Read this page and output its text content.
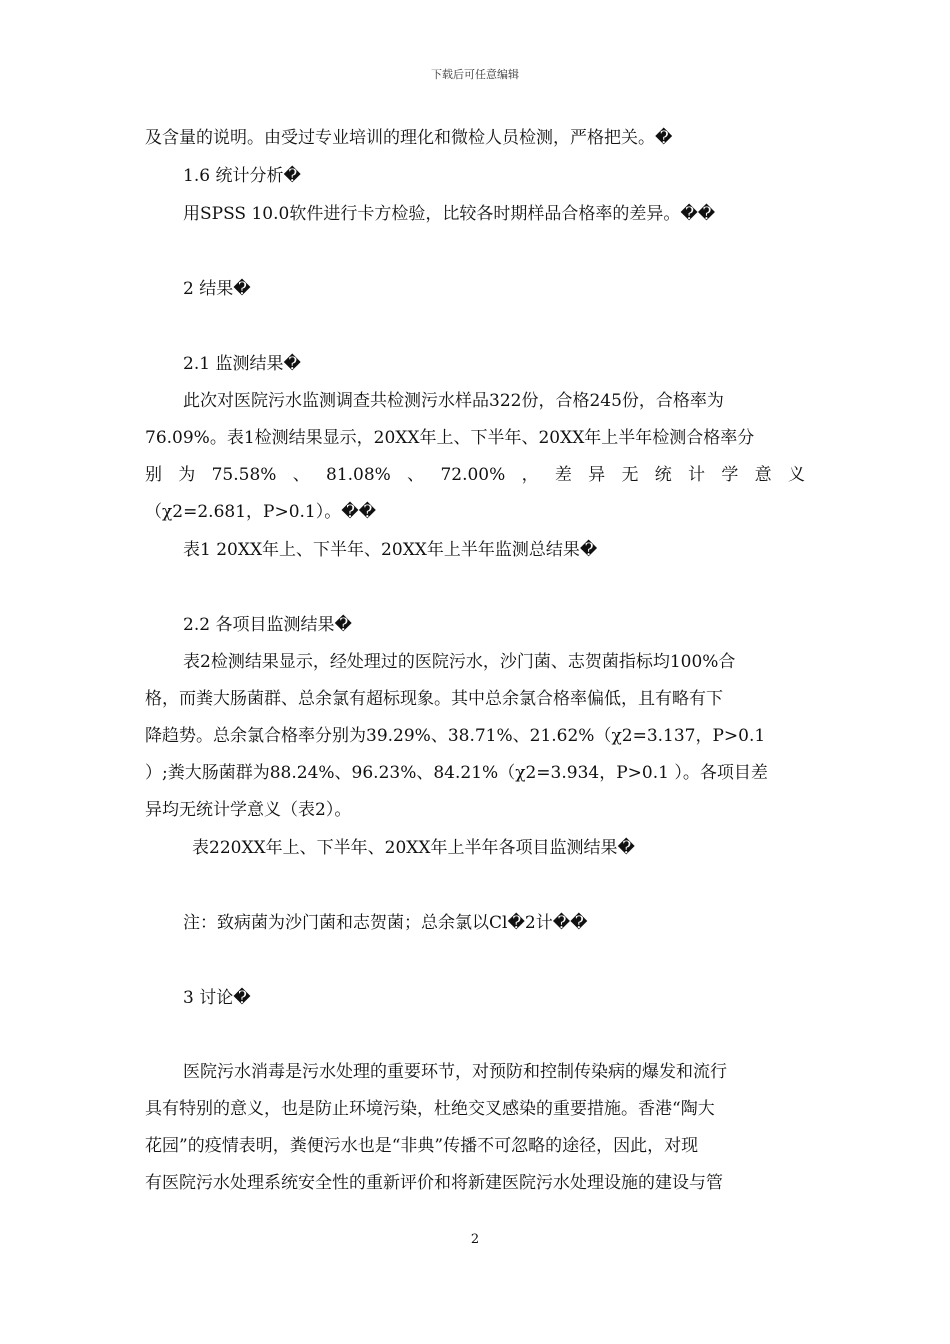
下载后可任意编辑
及含量的说明。由受过专业培训的理化和微检人员检测，严格把关。�
1.6 统计分析�
用SPSS 10.0软件进行卡方检验，比较各时期样品合格率的差异。��
2 结果�
2.1 监测结果�
此次对医院污水监测调查共检测污水样品322份，合格245份，合格率为
76.09%。表1检测结果显示，20XX年上、下半年、20XX年上半年检测合格率分
别 为 75.58% 、 81.08% 、 72.00% ， 差 异 无 统 计 学 意 义
（χ2=2.681，P>0.1）。��
表1 20XX年上、下半年、20XX年上半年监测总结果�
2.2 各项目监测结果�
表2检测结果显示，经处理过的医院污水，沙门菌、志贺菌指标均100%合
格，而粪大肠菌群、总余氯有超标现象。其中总余氯合格率偏低，且有略有下
降趋势。总余氯合格率分别为39.29%、38.71%、21.62%（χ2=3.137，P>0.1
）;粪大肠菌群为88.24%、96.23%、84.21%（χ2=3.934，P>0.1 ）。各项目差
异均无统计学意义（表2）。
表220XX年上、下半年、20XX年上半年各项目监测结果�
注：致病菌为沙门菌和志贺菌；总余氯以Cl�2计��
3 讨论�
医院污水消毒是污水处理的重要环节，对预防和控制传染病的爆发和流行
具有特别的意义，也是防止环境污染，杜绝交叉感染的重要措施。香港“陶大
花园”的疫情表明，粪便污水也是“非典”传播不可忽略的途径，因此，对现
有医院污水处理系统安全性的重新评价和将新建医院污水处理设施的建设与管
2
